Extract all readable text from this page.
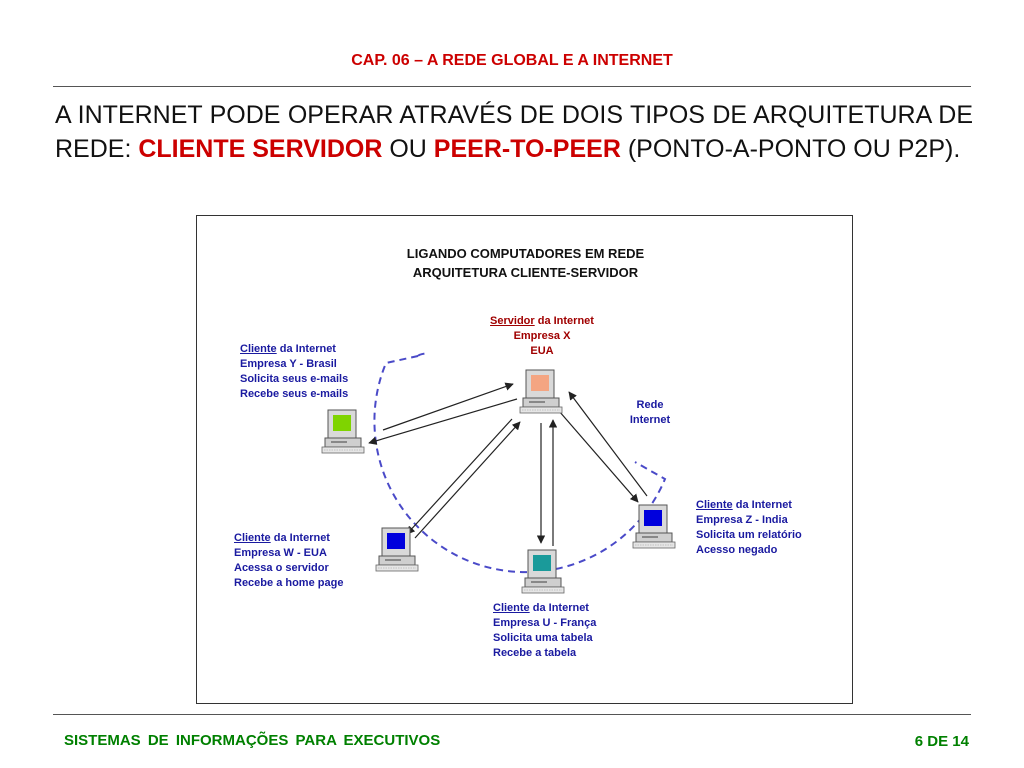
CAP. 06 – A REDE GLOBAL E A INTERNET
A INTERNET PODE OPERAR ATRAVÉS DE DOIS TIPOS DE ARQUITETURA DE REDE: CLIENTE SERVIDOR OU PEER-TO-PEER (PONTO-A-PONTO OU P2P).
LIGANDO COMPUTADORES EM REDE
ARQUITETURA CLIENTE-SERVIDOR
Servidor da Internet
Empresa X
EUA
Rede
Internet
Cliente da Internet
Empresa Y - Brasil
Solicita seus e-mails
Recebe seus e-mails
Cliente da Internet
Empresa W - EUA
Acessa o servidor
Recebe a home page
Cliente da Internet
Empresa U - França
Solicita uma tabela
Recebe a tabela
Cliente da Internet
Empresa Z - India
Solicita um relatório
Acesso negado
SISTEMAS DE INFORMAÇÕES PARA EXECUTIVOS	6 DE 14
